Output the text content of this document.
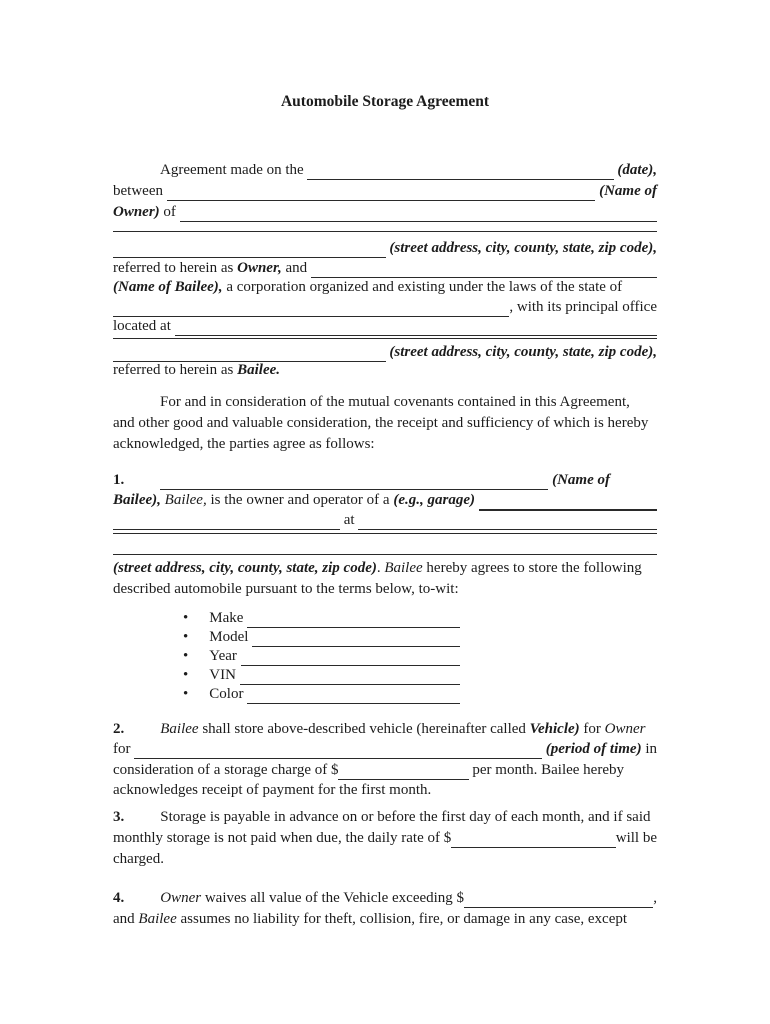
Automobile Storage Agreement
Agreement made on the
	(date),
between
	(Name of
Owner) of

(street address, city, county, state, zip code),
referred to herein as Owner, and

(Name of Bailee), a corporation organized and existing under the laws of the state of

, with its principal office
located at

(street address, city, county, state, zip code),
referred to herein as Bailee.
For and in consideration of the mutual covenants contained in this Agreement,
and other good and valuable consideration, the receipt and sufficiency of which is hereby
acknowledged, the parties agree as follows:
1.
	(Name of
Bailee),
Bailee, is the owner and operator of a (e.g., garage)

at

(street address, city, county, state, zip code) . Bailee hereby agrees to store the following
described automobile pursuant to the terms below, to-wit:
• Make

• Model

• Year

• VIN

• Color

2. Bailee shall store above-described vehicle (hereinafter called Vehicle) for Owner
for
	(period of time) in
consideration of a storage charge of $
	per month. Bailee hereby
acknowledges receipt of payment for the first month.
3. Storage is payable in advance on or before the first day of each month, and if said
monthly storage is not paid when due, the daily rate of $
	will be
charged.
4. Owner waives all value of the Vehicle exceeding $
	,
and Bailee assumes no liability for theft, collision, fire, or damage in any case, except
